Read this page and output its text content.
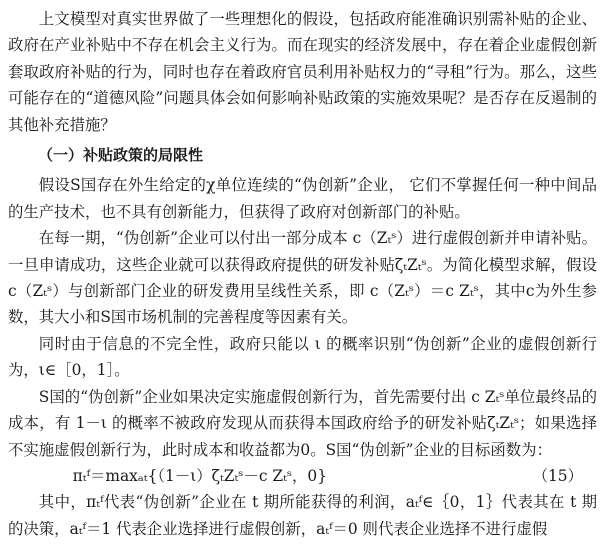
上文模型对真实世界做了一些理想化的假设，包括政府能准确识别需补贴的企业、政府在产业补贴中不存在机会主义行为。而在现实的经济发展中，存在着企业虚假创新套取政府补贴的行为，同时也存在着政府官员利用补贴权力的“寻租”行为。那么，这些可能存在的“道德风险”问题具体会如何影响补贴政策的实施效果呢？是否存在反遏制的其他补充措施？

（一）补贴政策的局限性

假设S国存在外生给定的χ单位连续的“伪创新”企业， 它们不掌握任何一种中间品的生产技术，也不具有创新能力，但获得了政府对创新部门的补贴。

在每一期，“伪创新”企业可以付出一部分成本 c（Zₜˢ）进行虚假创新并申请补贴。一旦申请成功，这些企业就可以获得政府提供的研发补贴ζₜZₜˢ。为简化模型求解，假设 c（Zₜˢ）与创新部门企业的研发费用呈线性关系，即 c（Zₜˢ）＝c Zₜˢ，其中c为外生参数，其大小和S国市场机制的完善程度等因素有关。

同时由于信息的不完全性，政府只能以 ι 的概率识别“伪创新”企业的虚假创新行为，ι∈［0，1］。

S国的“伪创新”企业如果决定实施虚假创新行为，首先需要付出 c Zₜˢ单位最终品的成本，有 1－ι 的概率不被政府发现从而获得本国政府给予的研发补贴ζₜZₜˢ；如果选择不实施虚假创新行为，此时成本和收益都为0。S国“伪创新”企业的目标函数为：

πₜᶠ＝maxₐₜ{（1－ι）ζₜZₜˢ－c Zₜˢ，0}	（15）

其中，πₜᶠ代表“伪创新”企业在 t 期所能获得的利润，aₜᶠ∈｛0，1｝代表其在 t 期的决策，aₜᶠ＝1 代表企业选择进行虚假创新，aₜᶠ＝0 则代表企业选择不进行虚假
